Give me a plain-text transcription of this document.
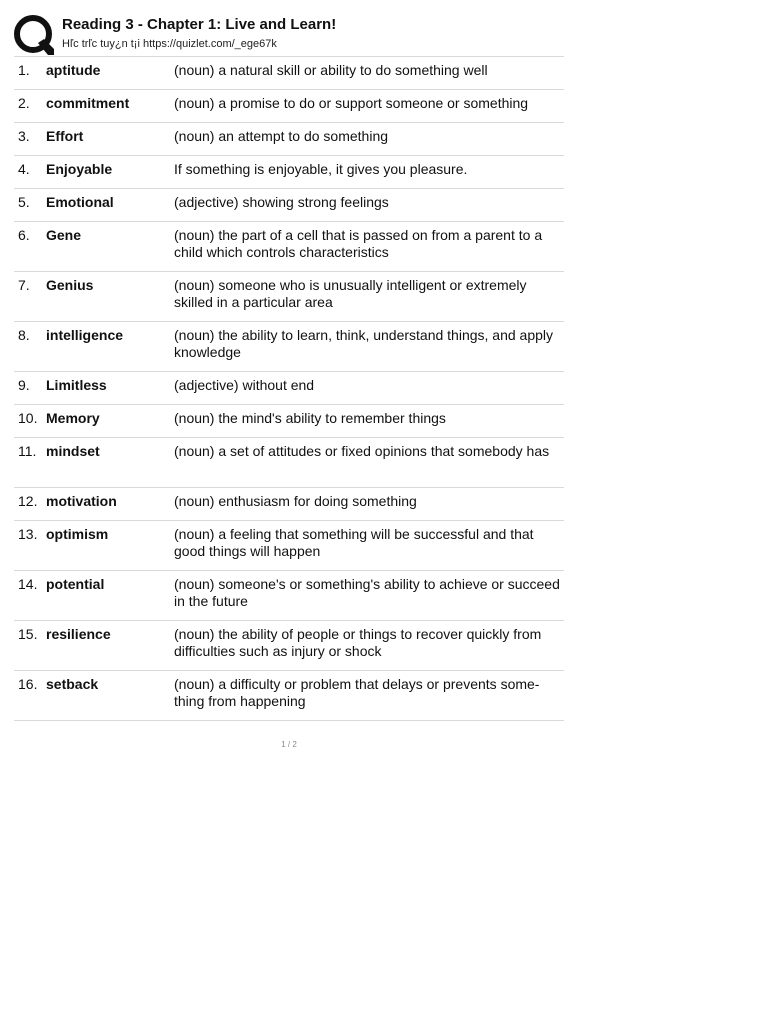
Reading 3 - Chapter 1: Live and Learn!
Hľc trľc tuy¿n t¡i https://quizlet.com/_ege67k
1.	aptitude	(noun) a natural skill or ability to do something well
2.	commitment	(noun) a promise to do or support someone or something
3.	Effort	(noun) an attempt to do something
4.	Enjoyable	If something is enjoyable, it gives you pleasure.
5.	Emotional	(adjective) showing strong feelings
6.	Gene	(noun) the part of a cell that is passed on from a parent to a child which controls characteristics
7.	Genius	(noun) someone who is unusually intelligent or extremely skilled in a particular area
8.	intelligence	(noun) the ability to learn, think, understand things, and apply knowledge
9.	Limitless	(adjective) without end
10. Memory	(noun) the mind's ability to remember things
11. mindset	(noun) a set of attitudes or fixed opinions that somebody has
12. motivation	(noun) enthusiasm for doing something
13. optimism	(noun) a feeling that something will be successful and that good things will happen
14. potential	(noun) someone's or something's ability to achieve or succeed in the future
15. resilience	(noun) the ability of people or things to recover quickly from difficulties such as injury or shock
16. setback	(noun) a difficulty or problem that delays or prevents some-thing from happening
1 / 2
